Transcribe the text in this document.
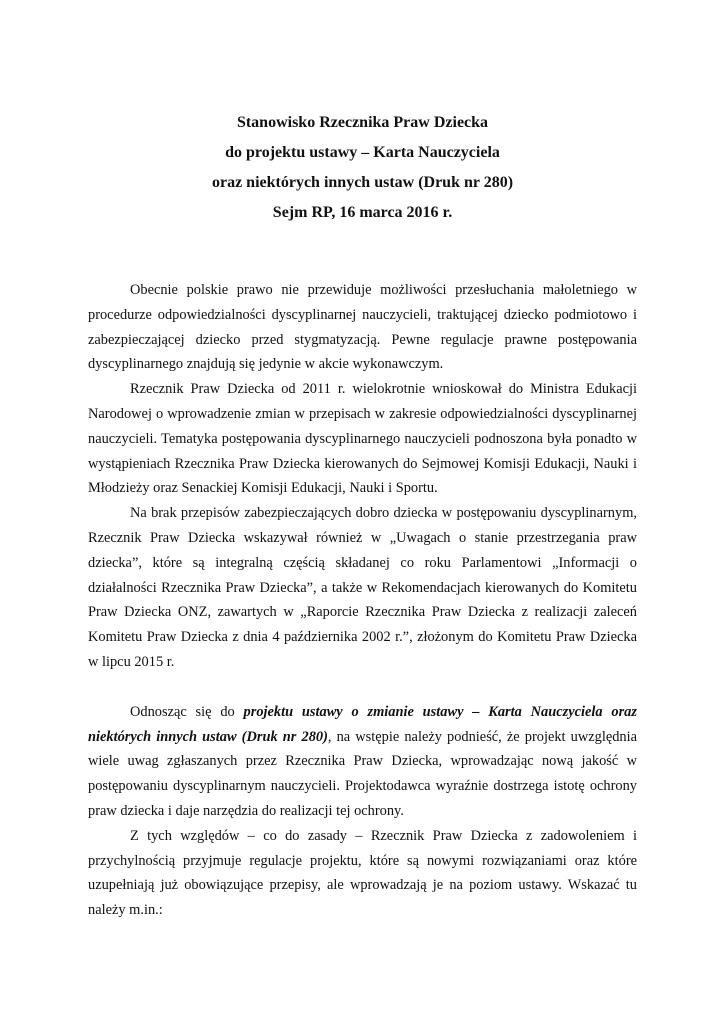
Stanowisko Rzecznika Praw Dziecka
do projektu ustawy – Karta Nauczyciela
oraz niektórych innych ustaw (Druk nr 280)
Sejm RP, 16 marca 2016 r.

Obecnie polskie prawo nie przewiduje możliwości przesłuchania małoletniego w procedurze odpowiedzialności dyscyplinarnej nauczycieli, traktującej dziecko podmiotowo i zabezpieczającej dziecko przed stygmatyzacją. Pewne regulacje prawne postępowania dyscyplinarnego znajdują się jedynie w akcie wykonawczym.

Rzecznik Praw Dziecka od 2011 r. wielokrotnie wnioskował do Ministra Edukacji Narodowej o wprowadzenie zmian w przepisach w zakresie odpowiedzialności dyscyplinarnej nauczycieli. Tematyka postępowania dyscyplinarnego nauczycieli podnoszona była ponadto w wystąpieniach Rzecznika Praw Dziecka kierowanych do Sejmowej Komisji Edukacji, Nauki i Młodzieży oraz Senackiej Komisji Edukacji, Nauki i Sportu.

Na brak przepisów zabezpieczających dobro dziecka w postępowaniu dyscyplinarnym, Rzecznik Praw Dziecka wskazywał również w „Uwagach o stanie przestrzegania praw dziecka”, które są integralną częścią składanej co roku Parlamentowi „Informacji o działalności Rzecznika Praw Dziecka”, a także w Rekomendacjach kierowanych do Komitetu Praw Dziecka ONZ, zawartych w „Raporcie Rzecznika Praw Dziecka z realizacji zaleceń Komitetu Praw Dziecka z dnia 4 października 2002 r.”, złożonym do Komitetu Praw Dziecka w lipcu 2015 r.

Odnosząc się do projektu ustawy o zmianie ustawy – Karta Nauczyciela oraz niektórych innych ustaw (Druk nr 280), na wstępie należy podnieść, że projekt uwzględnia wiele uwag zgłaszanych przez Rzecznika Praw Dziecka, wprowadzając nową jakość w postępowaniu dyscyplinarnym nauczycieli. Projektodawca wyraźnie dostrzega istotę ochrony praw dziecka i daje narzędzia do realizacji tej ochrony.

Z tych względów – co do zasady – Rzecznik Praw Dziecka z zadowoleniem i przychylnością przyjmuje regulacje projektu, które są nowymi rozwiązaniami oraz które uzupełniają już obowiązujące przepisy, ale wprowadzają je na poziom ustawy. Wskazać tu należy m.in.:
